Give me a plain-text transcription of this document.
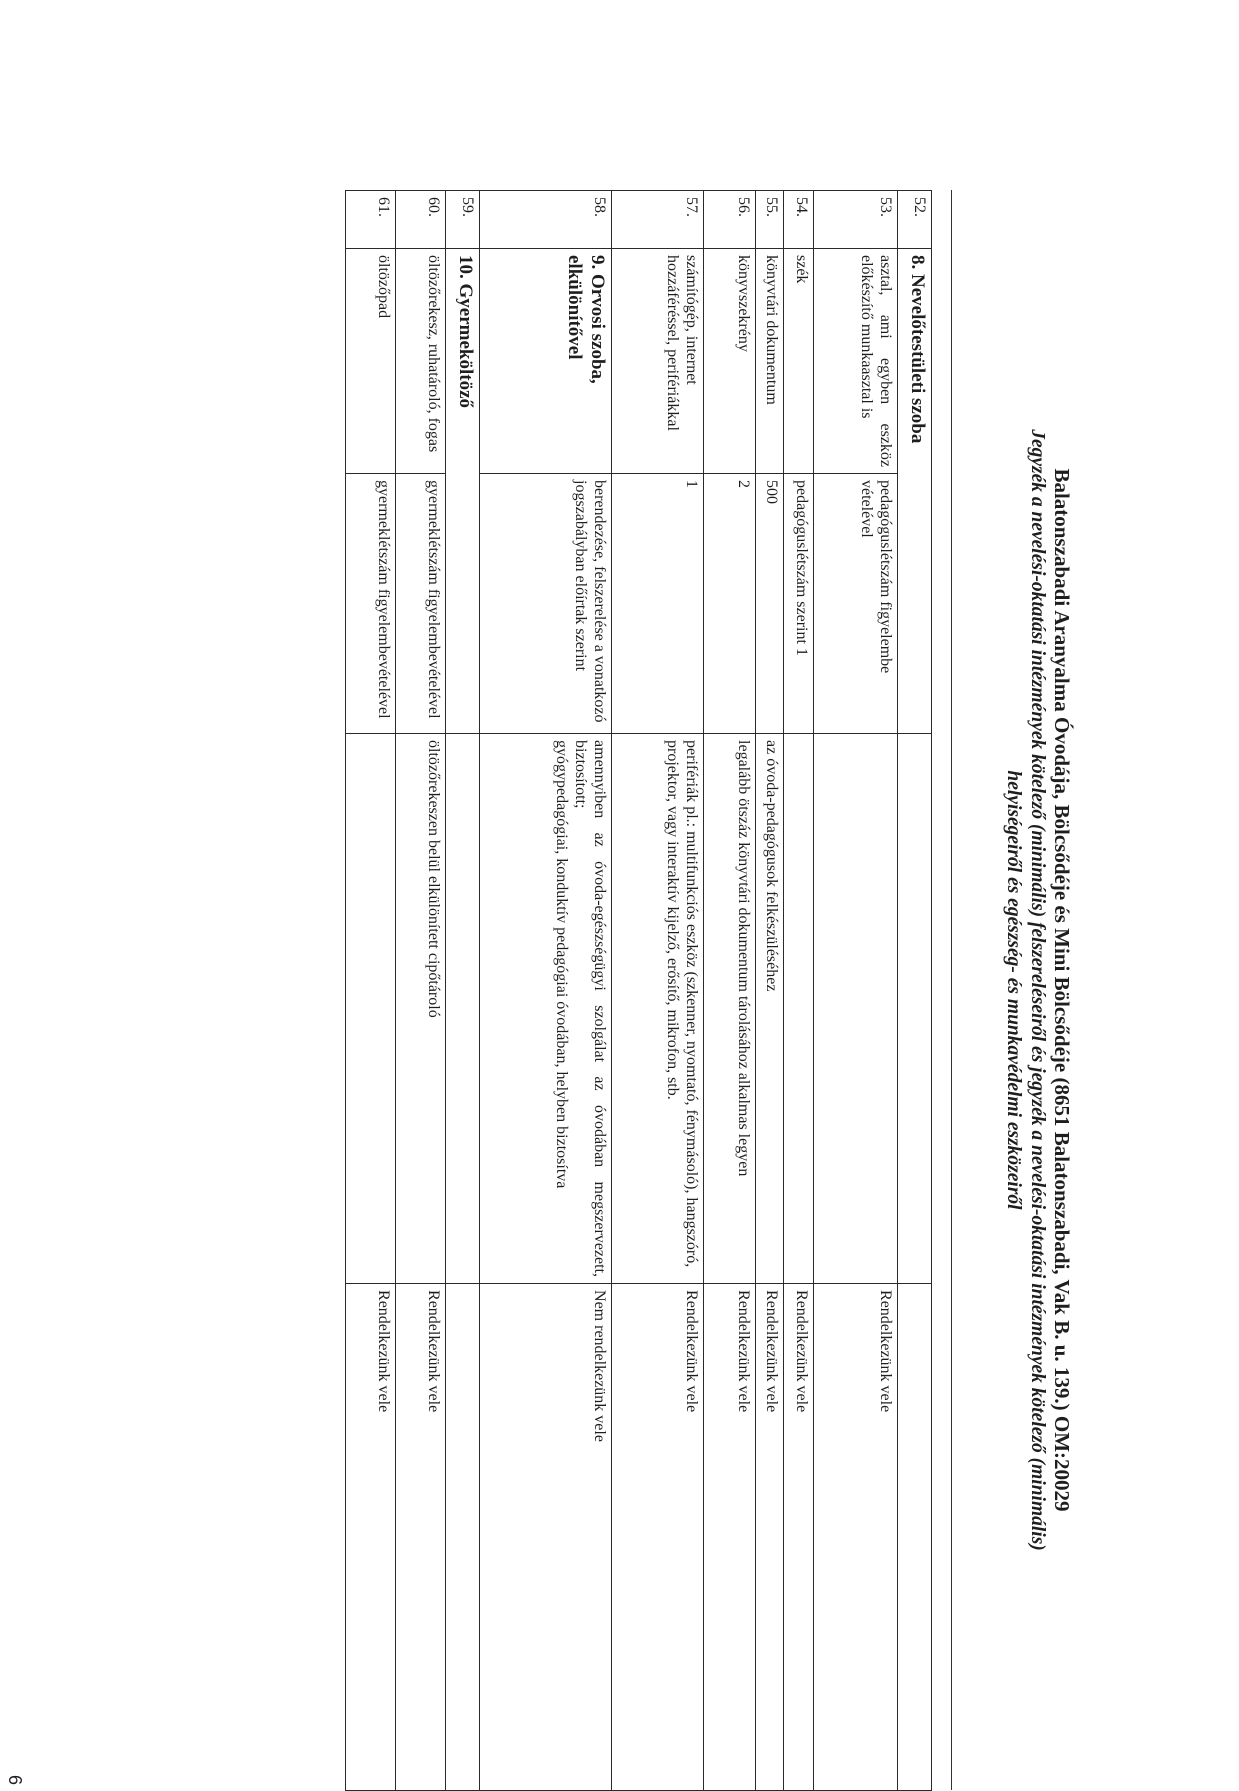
Balatonszabadi Aranyalma Óvodája, Bölcsődéje és Mini Bölcsődéje (8651 Balatonszabadi, Vak B. u. 139.) OM:20029
Jegyzék a nevelési-oktatási intézmények kötelező (minimális) felszereléseiről és jegyzék a nevelési-oktatási intézmények kötelező (minimális)
helyiségeiről és egészség- és munkavédelmi eszközeiről
52.	8. Nevelőtestületi szoba			
53.	asztal, ami egyben eszköz előkészítő munkaasztal is	pedagóguslétszám figyelembe vételével		Rendelkezünk vele
54.	szék	pedagóguslétszám szerint 1		Rendelkezünk vele
55.	könyvtári dokumentum	500	az óvoda-pedagógusok felkészüléséhez	Rendelkezünk vele
56.	könyvszekrény	2	legalább ötszáz könyvtári dokumentum tárolásához alkalmas legyen	Rendelkezünk vele
57.	számítógép, internet hozzáféréssel, perifériákkal	1	perifériák pl.: multifunkciós eszköz (szkenner, nyomtató, fénymásoló), hangszóró, projektor, vagy interaktív kijelző, erősítő, mikrofon, stb.	Rendelkezünk vele
58.	9. Orvosi szoba, elkülönítővel	berendezése, felszerelése a vonatkozó jogszabályban előírtak szerint	amennyiben az óvoda-egészségügyi szolgálat az óvodában megszervezett, biztosított;
gyógypedagógiai, konduktív pedagógiai óvodában, helyben biztosítva	Nem rendelkezünk vele
59.	10. Gyermeköltöző			
60.	öltözőrekesz, ruhatároló, fogas	gyermeklétszám figyelembevételével	öltözőrekeszen belül elkülönített cipőtároló	Rendelkezünk vele
61.	öltözőpad	gyermeklétszám figyelembevételével		Rendelkezünk vele
6
